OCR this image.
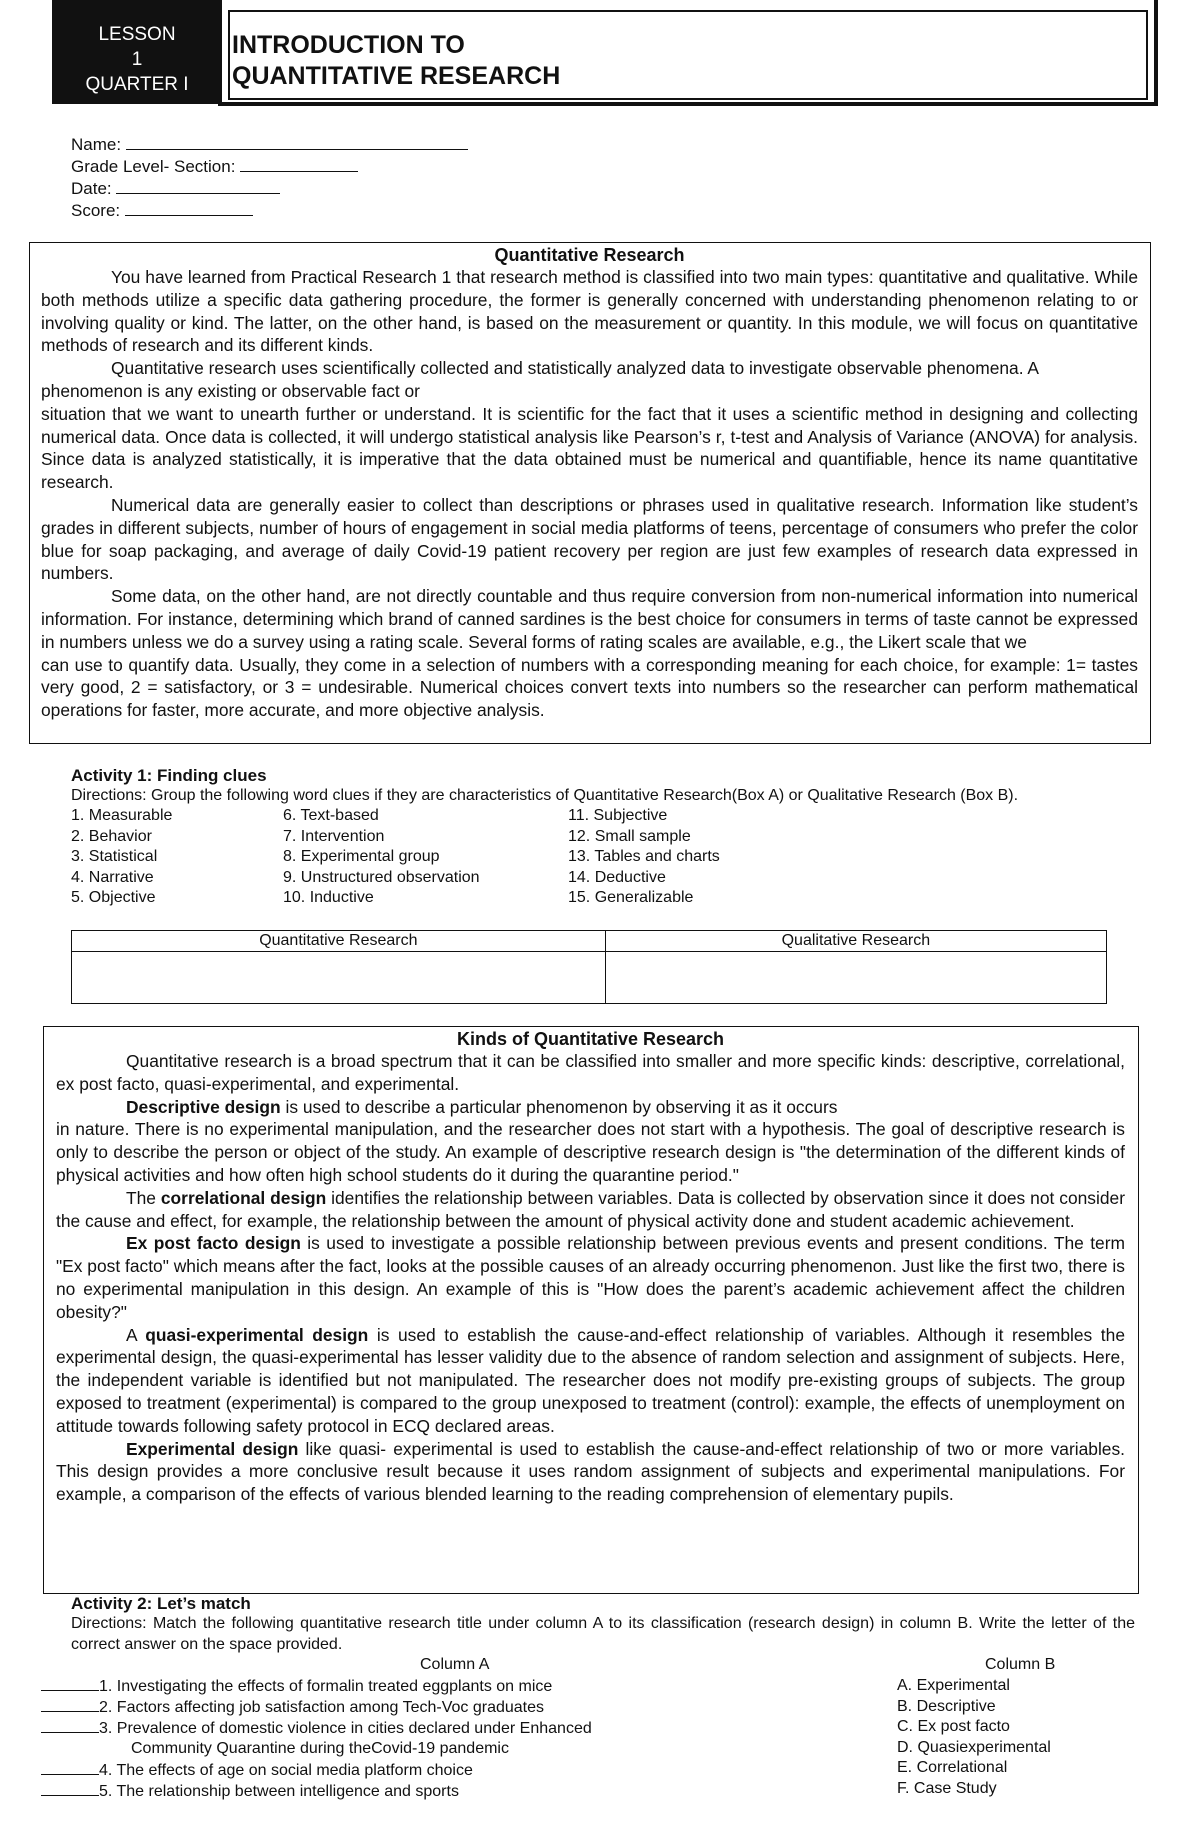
LESSON
1
QUARTER I
INTRODUCTION TO
QUANTITATIVE RESEARCH
Name:
Grade Level- Section:
Date:
Score:
Quantitative Research

You have learned from Practical Research 1 that research method is classified into two main types: quantitative and qualitative. While both methods utilize a specific data gathering procedure, the former is generally concerned with understanding phenomenon relating to or involving quality or kind. The latter, on the other hand, is based on the measurement or quantity. In this module, we will focus on quantitative methods of research and its different kinds.

Quantitative research uses scientifically collected and statistically analyzed data to investigate observable phenomena. A phenomenon is any existing or observable fact or

situation that we want to unearth further or understand. It is scientific for the fact that it uses a scientific method in designing and collecting numerical data. Once data is collected, it will undergo statistical analysis like Pearson’s r, t-test and Analysis of Variance (ANOVA) for analysis. Since data is analyzed statistically, it is imperative that the data obtained must be numerical and quantifiable, hence its name quantitative research.

Numerical data are generally easier to collect than descriptions or phrases used in qualitative research. Information like student’s grades in different subjects, number of hours of engagement in social media platforms of teens, percentage of consumers who prefer the color blue for soap packaging, and average of daily Covid-19 patient recovery per region are just few examples of research data expressed in numbers.

Some data, on the other hand, are not directly countable and thus require conversion from non-numerical information into numerical information. For instance, determining which brand of canned sardines is the best choice for consumers in terms of taste cannot be expressed in numbers unless we do a survey using a rating scale. Several forms of rating scales are available, e.g., the Likert scale that we

can use to quantify data. Usually, they come in a selection of numbers with a corresponding meaning for each choice, for example: 1= tastes very good, 2 = satisfactory, or 3 = undesirable. Numerical choices convert texts into numbers so the researcher can perform mathematical operations for faster, more accurate, and more objective analysis.

Activity 1: Finding clues
Directions: Group the following word clues if they are characteristics of Quantitative Research(Box A) or Qualitative Research (Box B).
1. Measurable
2. Behavior
3. Statistical
4. Narrative
5. Objective
6. Text-based
7. Intervention
8. Experimental group
9. Unstructured observation
10. Inductive
11. Subjective
12. Small sample
13. Tables and charts
14. Deductive
15. Generalizable
Quantitative Research	Qualitative Research

Kinds of Quantitative Research

Quantitative research is a broad spectrum that it can be classified into smaller and more specific kinds: descriptive, correlational, ex post facto, quasi-experimental, and experimental.

Descriptive design is used to describe a particular phenomenon by observing it as it occurs

in nature. There is no experimental manipulation, and the researcher does not start with a hypothesis. The goal of descriptive research is only to describe the person or object of the study. An example of descriptive research design is "the determination of the different kinds of physical activities and how often high school students do it during the quarantine period."

The correlational design identifies the relationship between variables. Data is collected by observation since it does not consider the cause and effect, for example, the relationship between the amount of physical activity done and student academic achievement.

Ex post facto design is used to investigate a possible relationship between previous events and present conditions. The term "Ex post facto" which means after the fact, looks at the possible causes of an already occurring phenomenon. Just like the first two, there is no experimental manipulation in this design. An example of this is "How does the parent’s academic achievement affect the children obesity?"

A quasi-experimental design is used to establish the cause-and-effect relationship of variables. Although it resembles the experimental design, the quasi-experimental has lesser validity due to the absence of random selection and assignment of subjects. Here, the independent variable is identified but not manipulated. The researcher does not modify pre-existing groups of subjects. The group exposed to treatment (experimental) is compared to the group unexposed to treatment (control): example, the effects of unemployment on attitude towards following safety protocol in ECQ declared areas.

Experimental design like quasi- experimental is used to establish the cause-and-effect relationship of two or more variables. This design provides a more conclusive result because it uses random assignment of subjects and experimental manipulations. For example, a comparison of the effects of various blended learning to the reading comprehension of elementary pupils.

Activity 2: Let’s match
Directions: Match the following quantitative research title under column A to its classification (research design) in column B. Write the letter of the correct answer on the space provided.
Column A	Column B
1. Investigating the effects of formalin treated eggplants on mice
2. Factors affecting job satisfaction among Tech-Voc graduates
3. Prevalence of domestic violence in cities declared under Enhanced
Community Quarantine during theCovid-19 pandemic
4. The effects of age on social media platform choice
5. The relationship between intelligence and sports
A. Experimental
B. Descriptive
C. Ex post facto
D. Quasiexperimental
E. Correlational
F. Case Study
